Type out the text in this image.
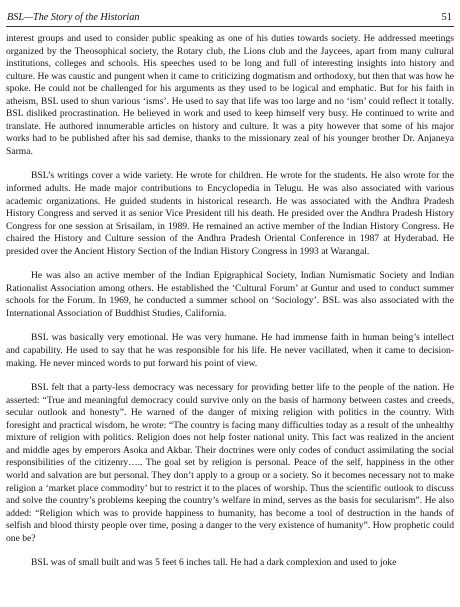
BSL—The Story of the Historian	51

interest groups and used to consider public speaking as one of his duties towards society. He addressed meetings organized by the Theosophical society, the Rotary club, the Lions club and the Jaycees, apart from many cultural institutions, colleges and schools. His speeches used to be long and full of interesting insights into history and culture. He was caustic and pungent when it came to criticizing dogmatism and orthodoxy, but then that was how he spoke. He could not be challenged for his arguments as they used to be logical and emphatic. But for his faith in atheism, BSL used to shun various ‘isms’. He used to say that life was too large and no ‘ism’ could reflect it totally. BSL disliked procrastination. He believed in work and used to keep himself very busy. He continued to write and translate. He authored innumerable articles on history and culture. It was a pity however that some of his major works had to be published after his sad demise, thanks to the missionary zeal of his younger brother Dr. Anjaneya Sarma.

BSL’s writings cover a wide variety. He wrote for children. He wrote for the students. He also wrote for the informed adults. He made major contributions to Encyclopedia in Telugu. He was also associated with various academic organizations. He guided students in historical research. He was associated with the Andhra Pradesh History Congress and served it as senior Vice President till his death. He presided over the Andhra Pradesh History Congress for one session at Srisailam, in 1989. He remained an active member of the Indian History Congress. He chaired the History and Culture session of the Andhra Pradesh Oriental Conference in 1987 at Hyderabad. He presided over the Ancient History Section of the Indian History Congress in 1993 at Warangal.

He was also an active member of the Indian Epigraphical Society, Indian Numismatic Society and Indian Rationalist Association among others. He established the ‘Cultural Forum’ at Guntur and used to conduct summer schools for the Forum. In 1969, he conducted a summer school on ‘Sociology’. BSL was also associated with the International Association of Buddhist Studies, California.

BSL was basically very emotional. He was very humane. He had immense faith in human being’s intellect and capability. He used to say that he was responsible for his life. He never vacillated, when it came to decision-making. He never minced words to put forward his point of view.

BSL felt that a party-less democracy was necessary for providing better life to the people of the nation. He asserted: “True and meaningful democracy could survive only on the basis of harmony between castes and creeds, secular outlook and honesty”. He warned of the danger of mixing religion with politics in the country. With foresight and practical wisdom, he wrote: “The country is facing many difficulties today as a result of the unhealthy mixture of religion with politics. Religion does not help foster national unity. This fact was realized in the ancient and middle ages by emperors Asoka and Akbar. Their doctrines were only codes of conduct assimilating the social responsibilities of the citizenry….. The goal set by religion is personal. Peace of the self, happiness in the other world and salvation are but personal. They don’t apply to a group or a society. So it becomes necessary not to make religion a ‘market place commodity’ but to restrict it to the places of worship. Thus the scientific outlook to discuss and solve the country’s problems keeping the country’s welfare in mind, serves as the basis for secularism”. He also added: “Religion which was to provide happiness to humanity, has become a tool of destruction in the hands of selfish and blood thirsty people over time, posing a danger to the very existence of humanity”. How prophetic could one be?

BSL was of small built and was 5 feet 6 inches tall. He had a dark complexion and used to joke
